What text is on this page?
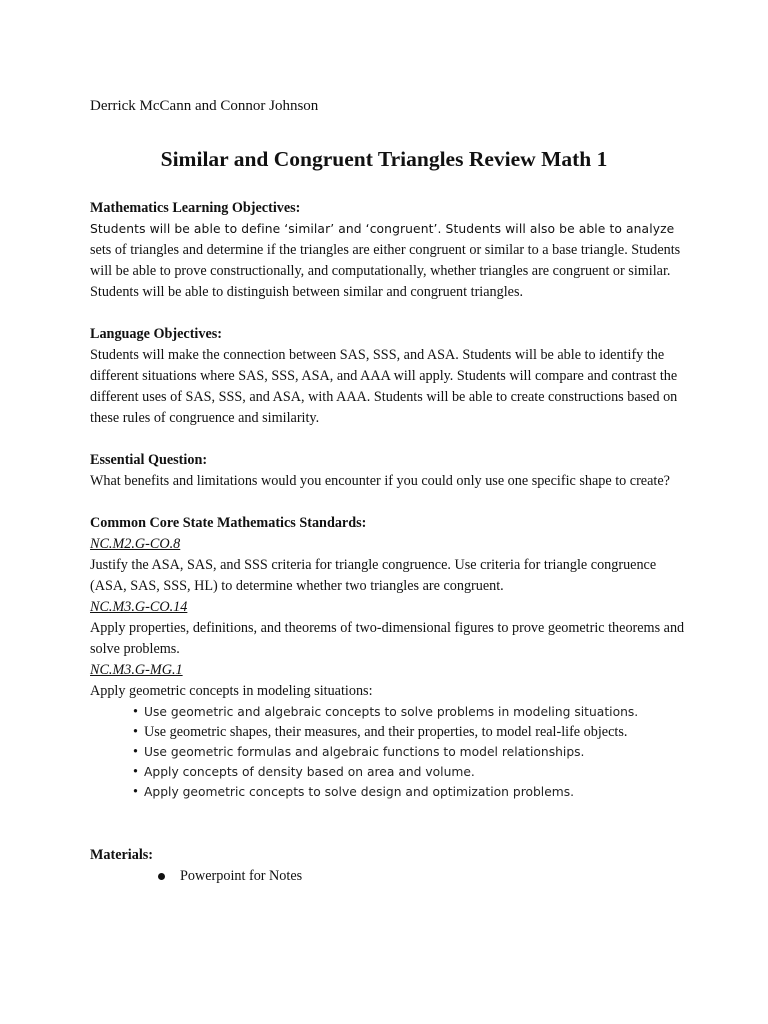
Derrick McCann and Connor Johnson
Similar and Congruent Triangles Review Math 1

Mathematics Learning Objectives:

Students will be able to define ‘similar’ and ‘congruent’. Students will also be able to analyze sets of triangles and determine if the triangles are either congruent or similar to a base triangle. Students will be able to prove constructionally, and computationally, whether triangles are congruent or similar. Students will be able to distinguish between similar and congruent triangles.

Language Objectives:

Students will make the connection between SAS, SSS, and ASA. Students will be able to identify the different situations where SAS, SSS, ASA, and AAA will apply. Students will compare and contrast the different uses of SAS, SSS, and ASA, with AAA. Students will be able to create constructions based on these rules of congruence and similarity.

Essential Question:

What benefits and limitations would you encounter if you could only use one specific shape to create?

Common Core State Mathematics Standards:

NC.M2.G-CO.8

Justify the ASA, SAS, and SSS criteria for triangle congruence. Use criteria for triangle congruence (ASA, SAS, SSS, HL) to determine whether two triangles are congruent.

NC.M3.G-CO.14

Apply properties, definitions, and theorems of two-dimensional figures to prove geometric theorems and solve problems.

NC.M3.G-MG.1

Apply geometric concepts in modeling situations:

• Use geometric and algebraic concepts to solve problems in modeling situations.
• Use geometric shapes, their measures, and their properties, to model real-life objects.
• Use geometric formulas and algebraic functions to model relationships.
• Apply concepts of density based on area and volume.
• Apply geometric concepts to solve design and optimization problems.

Materials:

Powerpoint for Notes
